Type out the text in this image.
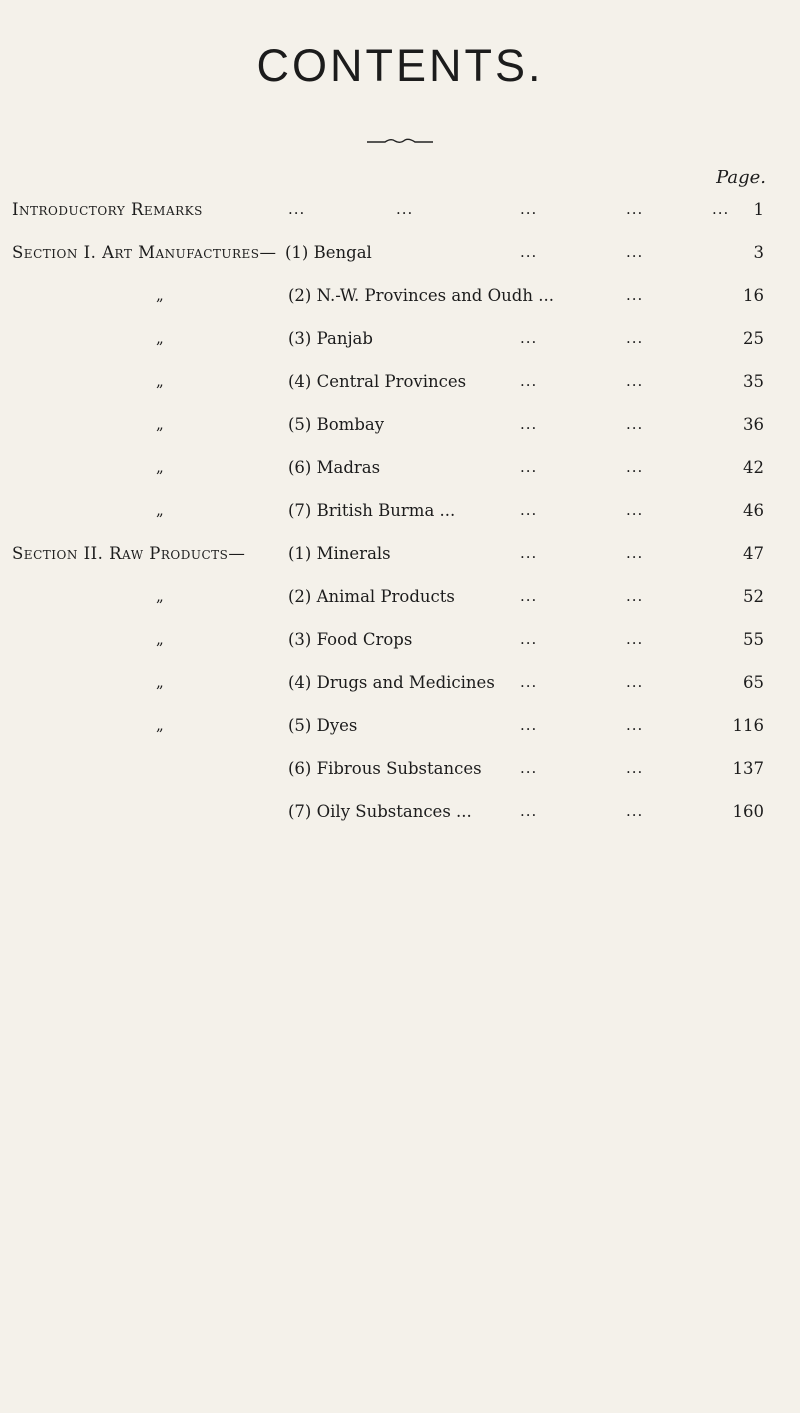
CONTENTS.
Page.
Introductory Remarks	...	...	...	...	... 1
Section I. Art Manufactures— (1) Bengal	...	...	3
„	(2) N.-W. Provinces and Oudh ...	...	16
„	(3) Panjab	...	...	25
„	(4) Central Provinces	...	...	35
„	(5) Bombay	...	...	36
„	(6) Madras	...	...	42
„	(7) British Burma ...	...	...	46
Section II. Raw Products—	(1) Minerals	...	...	47
„	(2) Animal Products	...	...	52
„	(3) Food Crops	...	...	55
„	(4) Drugs and Medicines ...	...	65
„	(5) Dyes	...	...	116
(6) Fibrous Substances	...	...	137
(7) Oily Substances ...	...	...	160
